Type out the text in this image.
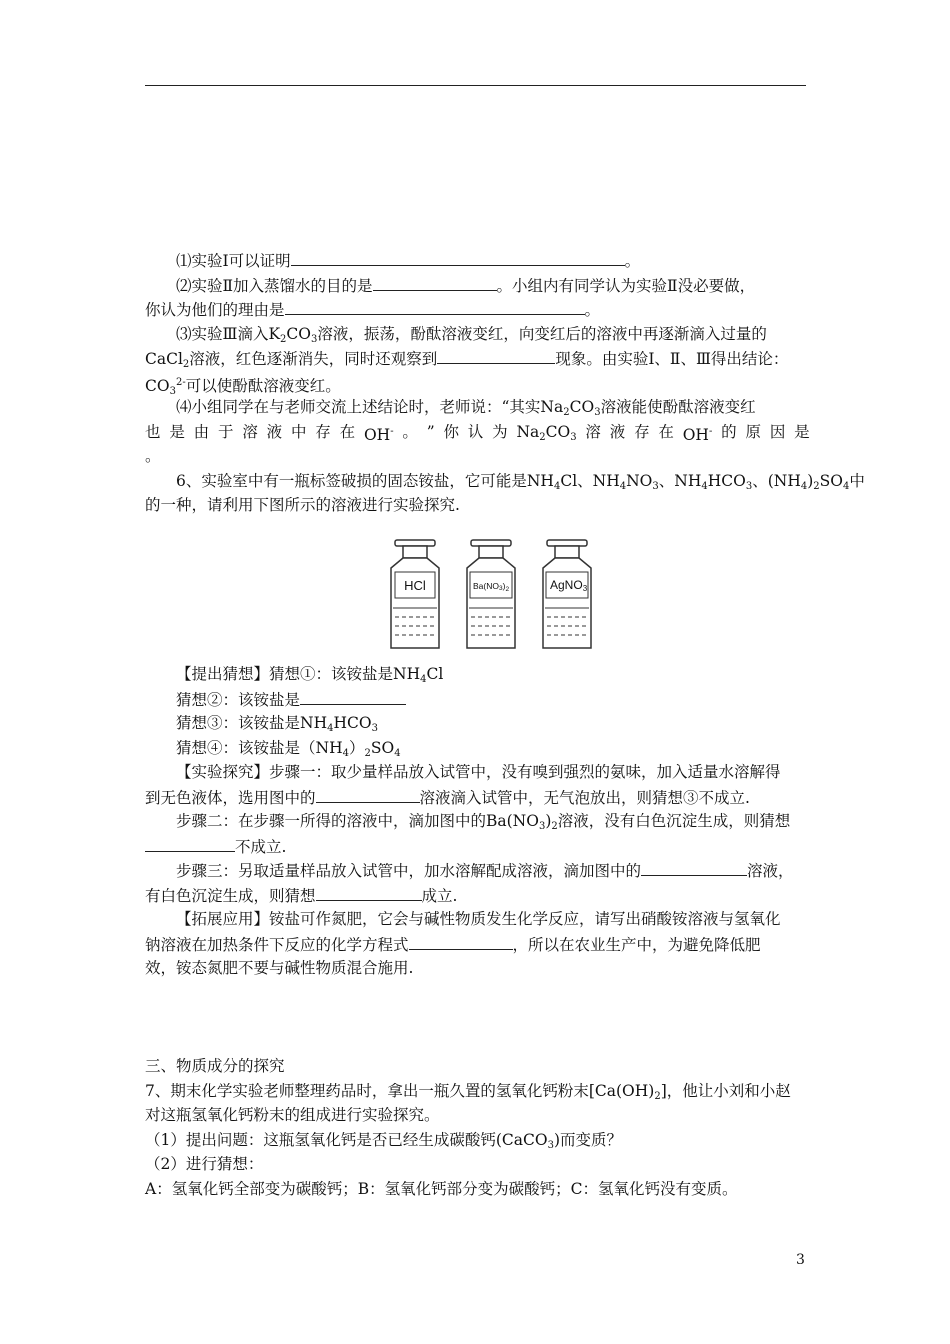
⑴实验Ⅰ可以证明	。
⑵实验Ⅱ加入蒸馏水的目的是	。小组内有同学认为实验Ⅱ没必要做，
你认为他们的理由是	。
⑶实验Ⅲ滴入$K_2CO_3$溶液，振荡，酚酞溶液变红，向变红后的溶液中再逐渐滴入过量的
CaCl$_2$溶液，红色逐渐消失，同时还观察到	现象。由实验Ⅰ、Ⅱ、Ⅲ得出结论：
$CO_3^{2-}$可以使酚酞溶液变红。
⑷小组同学在与老师交流上述结论时，老师说：“其实$Na_2CO_3$溶液能使酚酞溶液变红
也 是 由 于 溶 液 中 存 在 OH- 。 ” 你 认 为 $Na_2CO_3$ 溶 液 存 在 OH- 的 原 因 是
。
6、实验室中有一瓶标签破损的固态铵盐，它可能是$NH_4Cl$、$NH_4NO_3$、$NH_4HCO_3$、$(NH_4)_2SO_4$中
的一种，请利用下图所示的溶液进行实验探究.
HCl	$Ba(NO3)_2$	AgNO3
【提出猜想】猜想①：该铵盐是$NH_4Cl$
猜想②：该铵盐是
猜想③：该铵盐是$NH_4HCO_3$
猜想④：该铵盐是$(NH_4)_2SO_4$
【实验探究】步骤一：取少量样品放入试管中，没有嗅到强烈的氨味，加入适量水溶解得
到无色液体，选用图中的	溶液滴入试管中，无气泡放出，则猜想③不成立.
步骤二：在步骤一所得的溶液中，滴加图中的$Ba(NO_3)_2$溶液，没有白色沉淀生成，则猜想
不成立.
步骤三：另取适量样品放入试管中，加水溶解配成溶液，滴加图中的	溶液，
有白色沉淀生成，则猜想	成立.
【拓展应用】铵盐可作氮肥，它会与碱性物质发生化学反应，请写出硝酸铵溶液与氢氧化
钠溶液在加热条件下反应的化学方程式	，所以在农业生产中，为避免降低肥
效，铵态氮肥不要与碱性物质混合施用.
三、物质成分的探究
7、期末化学实验老师整理药品时，拿出一瓶久置的氢氧化钙粉末$[Ca(OH)_2]$，他让小刘和小赵
对这瓶氢氧化钙粉末的组成进行实验探究。
（1）提出问题：这瓶氢氧化钙是否已经生成碳酸钙(CaCO$_3$)而变质？
（2）进行猜想：
A：氢氧化钙全部变为碳酸钙；B：氢氧化钙部分变为碳酸钙；C：氢氧化钙没有变质。
3
